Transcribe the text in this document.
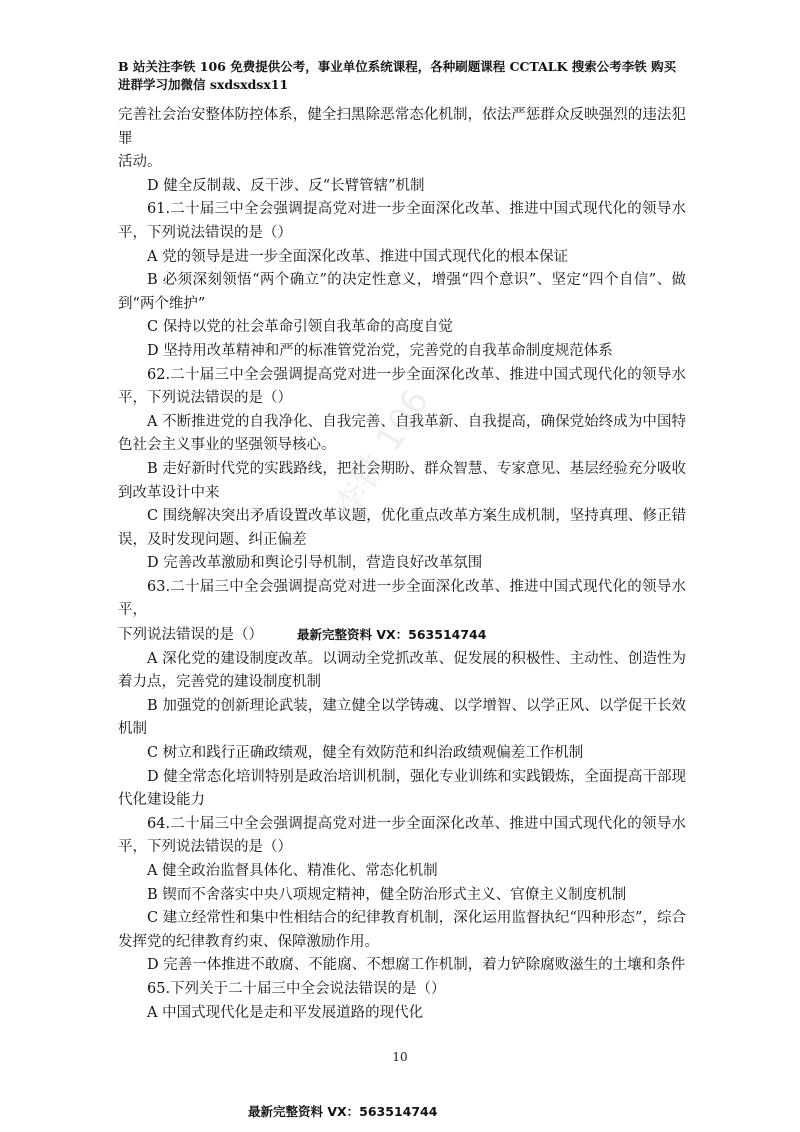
B 站关注李铁 106 免费提供公考，事业单位系统课程，各种刷题课程 CCTALK 搜索公考李铁 购买
进群学习加微信 sxdsxdsx11
李铁 106

完善社会治安整体防控体系，健全扫黑除恶常态化机制，依法严惩群众反映强烈的违法犯罪
活动。

D 健全反制裁、反干涉、反“长臂管辖”机制

61.二十届三中全会强调提高党对进一步全面深化改革、推进中国式现代化的领导水平，下列说法错误的是（）

A 党的领导是进一步全面深化改革、推进中国式现代化的根本保证

B 必须深刻领悟“两个确立”的决定性意义，增强“四个意识”、坚定“四个自信”、做到“两个维护”

C 保持以党的社会革命引领自我革命的高度自觉

D 坚持用改革精神和严的标准管党治党，完善党的自我革命制度规范体系

62.二十届三中全会强调提高党对进一步全面深化改革、推进中国式现代化的领导水平，下列说法错误的是（）

A 不断推进党的自我净化、自我完善、自我革新、自我提高，确保党始终成为中国特色社会主义事业的坚强领导核心。

B 走好新时代党的实践路线，把社会期盼、群众智慧、专家意见、基层经验充分吸收到改革设计中来

C 围绕解决突出矛盾设置改革议题，优化重点改革方案生成机制，坚持真理、修正错误，及时发现问题、纠正偏差

D 完善改革激励和舆论引导机制，营造良好改革氛围

63.二十届三中全会强调提高党对进一步全面深化改革、推进中国式现代化的领导水平，
下列说法错误的是（）	最新完整资料 VX：563514744

A 深化党的建设制度改革。以调动全党抓改革、促发展的积极性、主动性、创造性为着力点，完善党的建设制度机制

B 加强党的创新理论武装，建立健全以学铸魂、以学增智、以学正风、以学促干长效机制

C 树立和践行正确政绩观，健全有效防范和纠治政绩观偏差工作机制

D 健全常态化培训特别是政治培训机制，强化专业训练和实践锻炼，全面提高干部现代化建设能力

64.二十届三中全会强调提高党对进一步全面深化改革、推进中国式现代化的领导水平，下列说法错误的是（）

A 健全政治监督具体化、精准化、常态化机制

B 锲而不舍落实中央八项规定精神，健全防治形式主义、官僚主义制度机制

C 建立经常性和集中性相结合的纪律教育机制，深化运用监督执纪“四种形态”，综合发挥党的纪律教育约束、保障激励作用。

D 完善一体推进不敢腐、不能腐、不想腐工作机制，着力铲除腐败滋生的土壤和条件

65.下列关于二十届三中全会说法错误的是（）

A 中国式现代化是走和平发展道路的现代化

10
最新完整资料 VX：563514744
